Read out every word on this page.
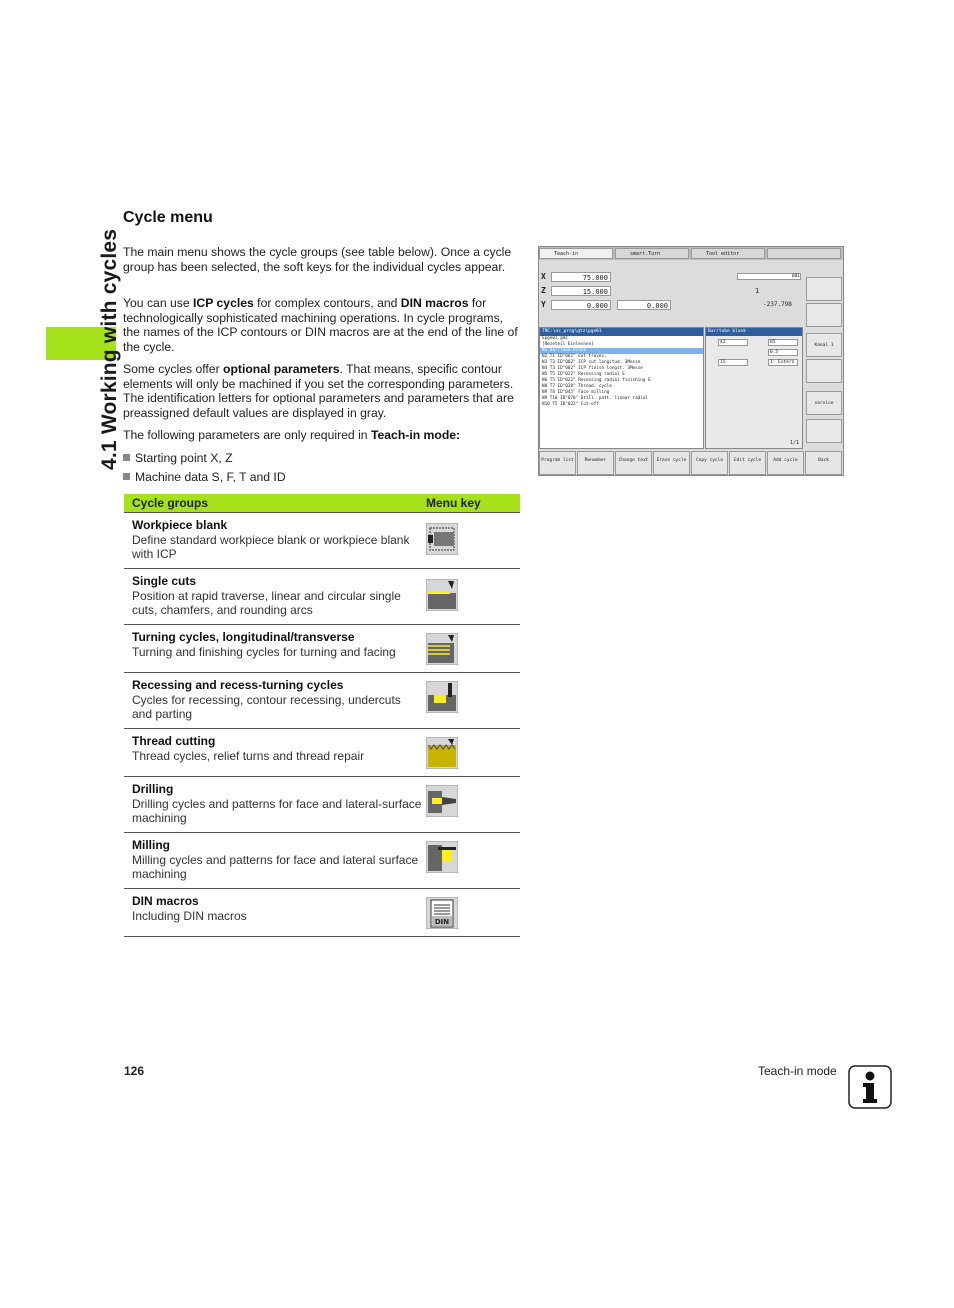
4.1 Working with cycles
Cycle menu

The main menu shows the cycle groups (see table below). Once a cycle group has been selected, the soft keys for the individual cycles appear.

You can use ICP cycles for complex contours, and DIN macros for technologically sophisticated machining operations. In cycle programs, the names of the ICP contours or DIN macros are at the end of the line of the cycle.

Some cycles offer optional parameters. That means, specific contour elements will only be machined if you set the corresponding parameters. The identification letters for optional parameters and parameters that are preassigned default values are displayed in gray.

The following parameters are only required in Teach-in mode:

Starting point X, Z
Machine data S, F, T and ID
Cycle groups	Menu key
Workpiece blank
Define standard workpiece blank or workpiece blank with ICP
Single cuts
Position at rapid traverse, linear and circular single cuts, chamfers, and rounding arcs
Turning cycles, longitudinal/transverse
Turning and finishing cycles for turning and facing
Recessing and recess-turning cycles
Cycles for recessing, contour recessing, undercuts and parting
Thread cutting
Thread cycles, relief turns and thread repair
Drilling
Drilling cycles and patterns for face and lateral-surface machining
Milling
Milling cycles and patterns for face and lateral surface machining
DIN macros
Including DIN macros	DIN
Teach-in	smart.Turn	Tool editor
X	75.000	001
Z	15.000	1
Y	0.000	0.000	-237.798
TNC:\nc_prog\gtz\pge01
Spge01.gmz
[Rezeteil Einlesnen]
N1 Bar/tube blank
N2 T1 ID"001" Cut travev.
N3 T3 ID"002" ICP cut longitud. 3Messe
N4 T3 ID"002" ICP finish longit. 3Messe
N5 T5 ID"022" Recessing radial E
N6 T5 ID"022" Recessing radial finishing E
N8 T7 ID"020" Thread. cycle
N9 T8 ID"045" Face milling
N9 T10 ID"070" Drill. patt. linear radial
N10 T5 ID"022" Cut-off
Bar/tube blank
42	85
0.5
15	1: Extern
1/1
Kanal 1
service
Program list	Renumber	Change text	Erase cycle	Copy cycle	Edit cycle	Add cycle	Back
126	Teach-in mode
